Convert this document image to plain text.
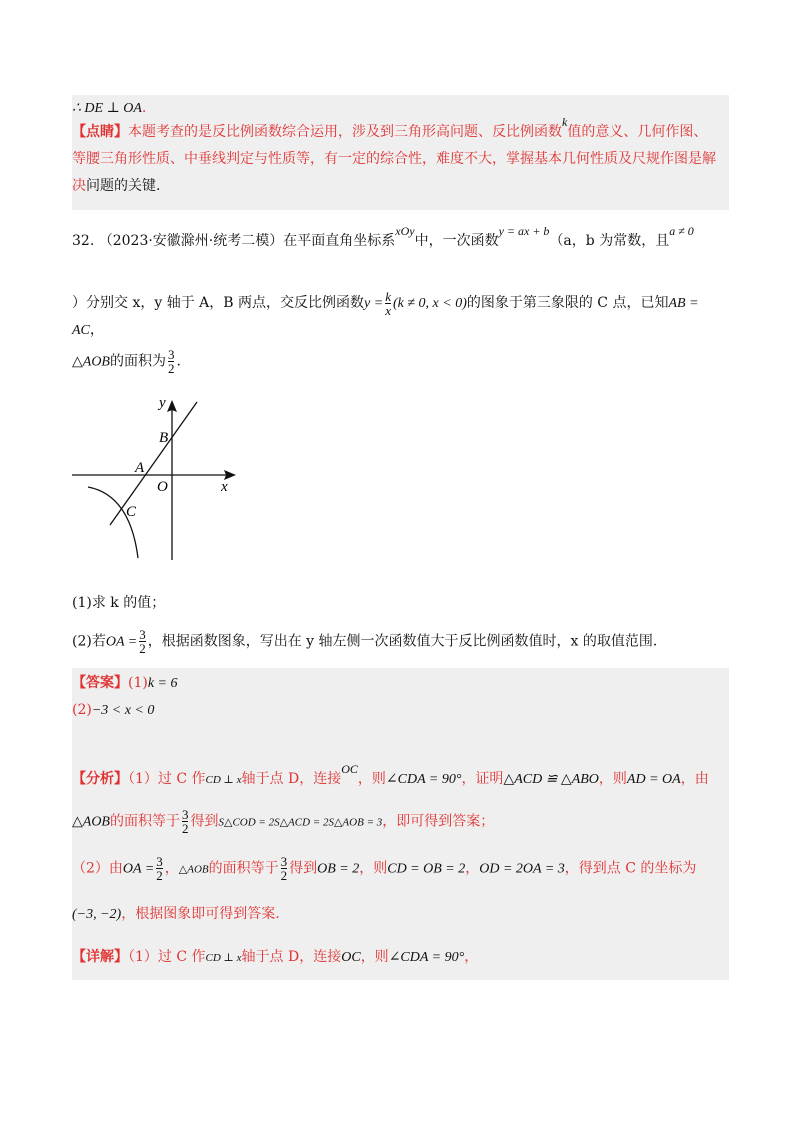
∴ DE ⊥ OA.
【点睛】本题考查的是反比例函数综合运用，涉及到三角形高问题、反比例函数k值的意义、几何作图、
等腰三角形性质、中垂线判定与性质等，有一定的综合性，难度不大，掌握基本几何性质及尺规作图是解
决问题的关键.
32. （2023·安徽滁州·统考二模）在平面直角坐标系xOy中，一次函数y = ax + b（a，b 为常数，且a ≠ 0
）分别交 x，y 轴于 A，B 两点，交反比例函数$y = \frac{k}{x} (k \ne 0$, x < 0)的图象于第三象限的 C 点，已知AB = AC，
△AOB的面积为 $\frac{3}{2}$ .
y
x
B
A
O
C
(1)求 k 的值；
(2)若OA = $\frac{3}{2}$ ，根据函数图象，写出在 y 轴左侧一次函数值大于反比例函数值时，x 的取值范围.
【答案】(1)k = 6
(2)−3 < x < 0
【分析】（1）过 C 作CD ⊥ x轴于点 D，连接OC，则∠CDA = 90°，证明△ACD ≌ △ABO，则AD = OA，由
△AOB的面积等于 $\frac{3}{2}$ 得到S△COD = 2S△ACD = 2S△AOB = 3，即可得到答案；
（2）由OA = $\frac{3}{2}$ ，△AOB的面积等于 $\frac{3}{2}$ 得到OB = 2，则CD = OB = 2，OD = 2OA = 3，得到点 C 的坐标为
(−3, −2)，根据图象即可得到答案.
【详解】（1）过 C 作CD ⊥ x轴于点 D，连接OC，则∠CDA = 90°，
